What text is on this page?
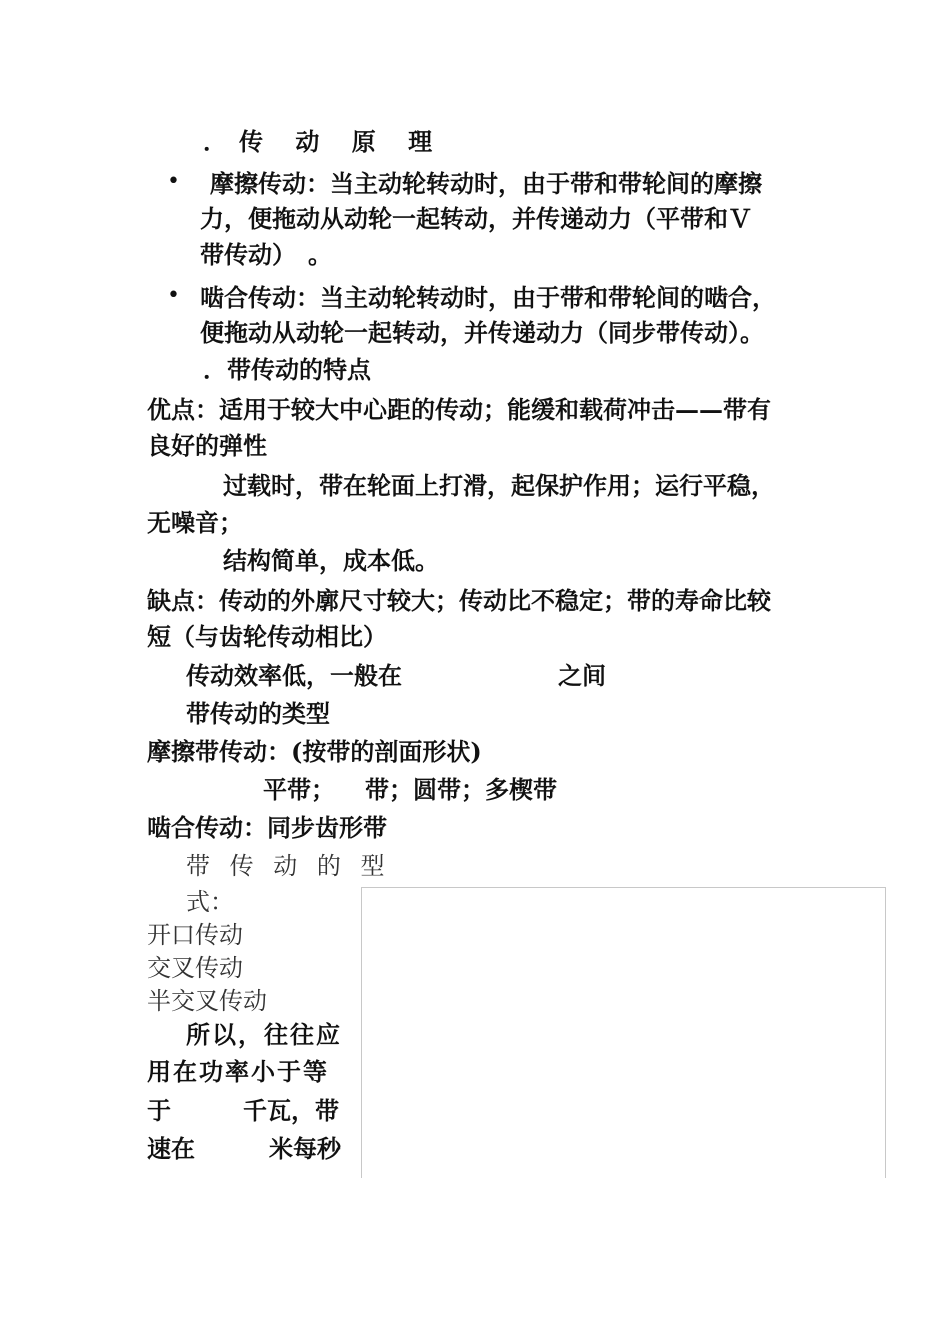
．传 动 原 理
• 摩擦传动：当主动轮转动时，由于带和带轮间的摩擦
力，便拖动从动轮一起转动，并传递动力（平带和Ｖ
带传动）　。
• 啮合传动：当主动轮转动时，由于带和带轮间的啮合，
便拖动从动轮一起转动，并传递动力（同步带传动）。
．带传动的特点
优点：适用于较大中心距的传动；能缓和载荷冲击——带有
良好的弹性
过载时，带在轮面上打滑，起保护作用；运行平稳，
无噪音；
结构简单，成本低。
缺点：传动的外廓尺寸较大；传动比不稳定；带的寿命比较
短（与齿轮传动相比）
传动效率低，一般在	之间
带传动的类型
摩擦带传动：(按带的剖面形状)
平带； 带；圆带；多楔带
啮合传动：同步齿形带
带 传 动 的 型
式：
开口传动
交叉传动
半交叉传动
所以，往往应
用在功率小于等
于	千瓦，带
速在	米每秒
